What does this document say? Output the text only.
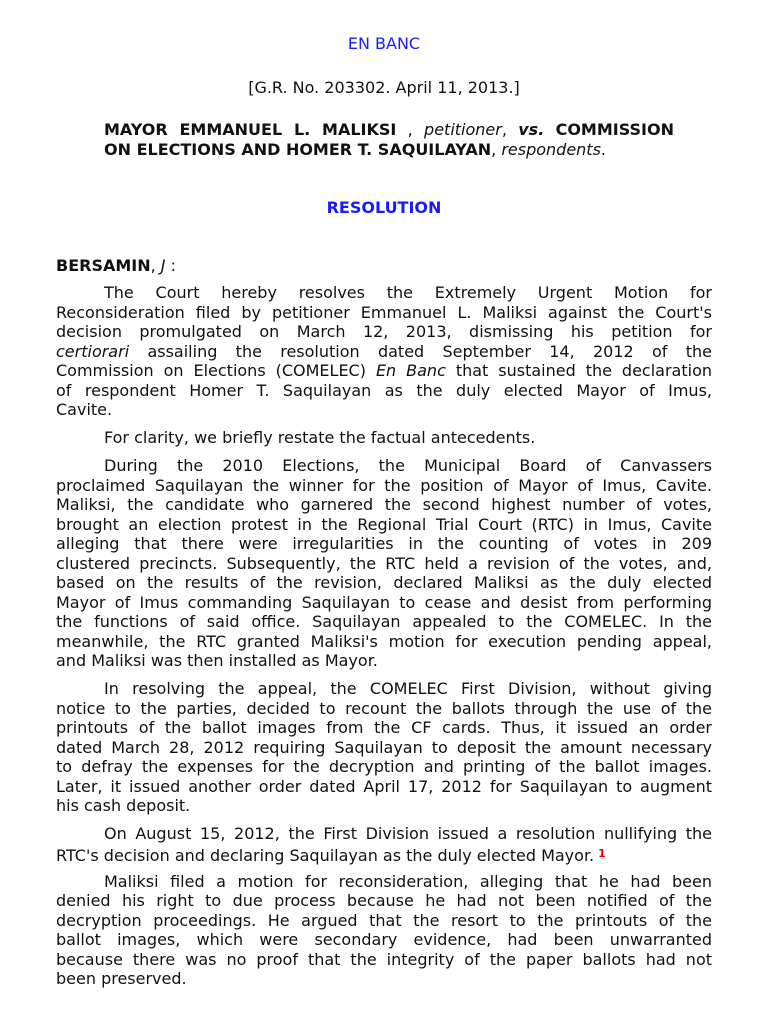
EN BANC
[G.R. No. 203302. April 11, 2013.]
MAYOR EMMANUEL L. MALIKSI , petitioner, vs. COMMISSION
ON ELECTIONS AND HOMER T. SAQUILAYAN, respondents.
RESOLUTION
BERSAMIN, J :
The Court hereby resolves the Extremely Urgent Motion for
Reconsideration filed by petitioner Emmanuel L. Maliksi against the Court's
decision promulgated on March 12, 2013, dismissing his petition for
certiorari assailing the resolution dated September 14, 2012 of the
Commission on Elections (COMELEC) En Banc that sustained the declaration
of respondent Homer T. Saquilayan as the duly elected Mayor of Imus,
Cavite.
For clarity, we briefly restate the factual antecedents.
During the 2010 Elections, the Municipal Board of Canvassers
proclaimed Saquilayan the winner for the position of Mayor of Imus, Cavite.
Maliksi, the candidate who garnered the second highest number of votes,
brought an election protest in the Regional Trial Court (RTC) in Imus, Cavite
alleging that there were irregularities in the counting of votes in 209
clustered precincts. Subsequently, the RTC held a revision of the votes, and,
based on the results of the revision, declared Maliksi as the duly elected
Mayor of Imus commanding Saquilayan to cease and desist from performing
the functions of said office. Saquilayan appealed to the COMELEC. In the
meanwhile, the RTC granted Maliksi's motion for execution pending appeal,
and Maliksi was then installed as Mayor.
In resolving the appeal, the COMELEC First Division, without giving
notice to the parties, decided to recount the ballots through the use of the
printouts of the ballot images from the CF cards. Thus, it issued an order
dated March 28, 2012 requiring Saquilayan to deposit the amount necessary
to defray the expenses for the decryption and printing of the ballot images.
Later, it issued another order dated April 17, 2012 for Saquilayan to augment
his cash deposit.
On August 15, 2012, the First Division issued a resolution nullifying the
RTC's decision and declaring Saquilayan as the duly elected Mayor. $^1$
Maliksi filed a motion for reconsideration, alleging that he had been
denied his right to due process because he had not been notified of the
decryption proceedings. He argued that the resort to the printouts of the
ballot images, which were secondary evidence, had been unwarranted
because there was no proof that the integrity of the paper ballots had not
been preserved.
